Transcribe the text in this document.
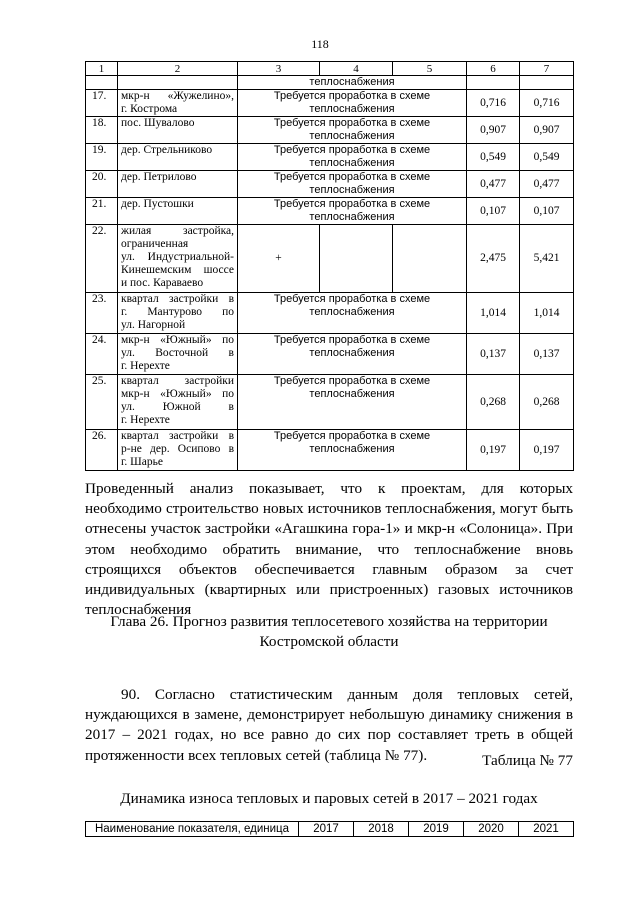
118
1	2	3	4	5	6	7
		теплоснабжения				
17.	мкр-н «Жужелино»,
г. Кострома	Требуется проработка в схеме
теплоснабжения			0,716	0,716
18.	пос. Шувалово	Требуется проработка в схеме
теплоснабжения			0,907	0,907
19.	дер. Стрельниково	Требуется проработка в схеме
теплоснабжения			0,549	0,549
20.	дер. Петрилово	Требуется проработка в схеме
теплоснабжения			0,477	0,477
21.	дер. Пустошки	Требуется проработка в схеме
теплоснабжения			0,107	0,107
22.	жилая застройка,
ограниченная
ул. Индустриальной-
Кинешемским шоссе
и пос. Караваево	+			2,475	5,421
23.	квартал застройки в
г. Мантурово по
ул. Нагорной	Требуется проработка в схеме
теплоснабжения			1,014	1,014
24.	мкр-н «Южный» по
ул. Восточной в
г. Нерехте	Требуется проработка в схеме
теплоснабжения			0,137	0,137
25.	квартал застройки
мкр-н «Южный» по
ул. Южной в
г. Нерехте	Требуется проработка в схеме
теплоснабжения			0,268	0,268
26.	квартал застройки в
р-не дер. Осипово в
г. Шарье	Требуется проработка в схеме
теплоснабжения			0,197	0,197
Проведенный анализ показывает, что к проектам, для которых
необходимо строительство новых источников теплоснабжения, могут быть
отнесены участок застройки «Агашкина гора-1» и мкр-н «Солоница». При
этом необходимо обратить внимание, что теплоснабжение вновь
строящихся объектов обеспечивается главным образом за счет
индивидуальных (квартирных или пристроенных) газовых источников
теплоснабжения
Глава 26. Прогноз развития теплосетевого хозяйства на территории
Костромской области
90. Согласно статистическим данным доля тепловых сетей,
нуждающихся в замене, демонстрирует небольшую динамику снижения в
2017 – 2021 годах, но все равно до сих пор составляет треть в общей
протяженности всех тепловых сетей (таблица № 77).	Таблица № 77
Динамика износа тепловых и паровых сетей в 2017 – 2021 годах
Наименование показателя, единица	2017	2018	2019	2020	2021
